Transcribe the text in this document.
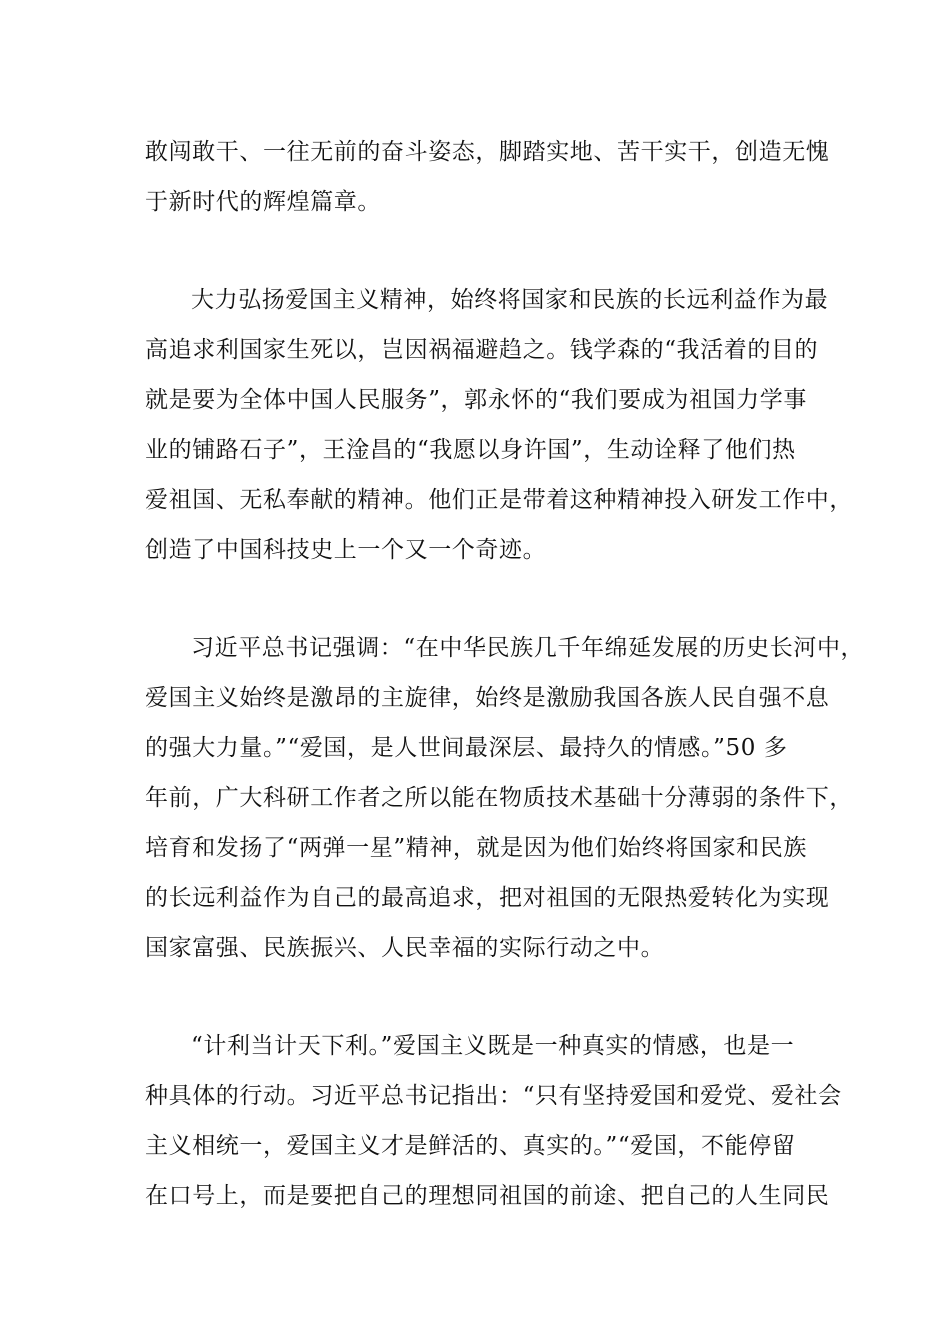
敢闯敢干、一往无前的奋斗姿态，脚踏实地、苦干实干，创造无愧
于新时代的辉煌篇章。
大力弘扬爱国主义精神，始终将国家和民族的长远利益作为最
高追求利国家生死以，岂因祸福避趋之。钱学森的“我活着的目的
就是要为全体中国人民服务”，郭永怀的“我们要成为祖国力学事
业的铺路石子”，王淦昌的“我愿以身许国”，生动诠释了他们热
爱祖国、无私奉献的精神。他们正是带着这种精神投入研发工作中，
创造了中国科技史上一个又一个奇迹。
习近平总书记强调：“在中华民族几千年绵延发展的历史长河中，
爱国主义始终是激昂的主旋律，始终是激励我国各族人民自强不息
的强大力量。”“爱国，是人世间最深层、最持久的情感。”50 多
年前，广大科研工作者之所以能在物质技术基础十分薄弱的条件下，
培育和发扬了“两弹一星”精神，就是因为他们始终将国家和民族
的长远利益作为自己的最高追求，把对祖国的无限热爱转化为实现
国家富强、民族振兴、人民幸福的实际行动之中。
“计利当计天下利。”爱国主义既是一种真实的情感，也是一
种具体的行动。习近平总书记指出：“只有坚持爱国和爱党、爱社会
主义相统一，爱国主义才是鲜活的、真实的。”“爱国，不能停留
在口号上，而是要把自己的理想同祖国的前途、把自己的人生同民
